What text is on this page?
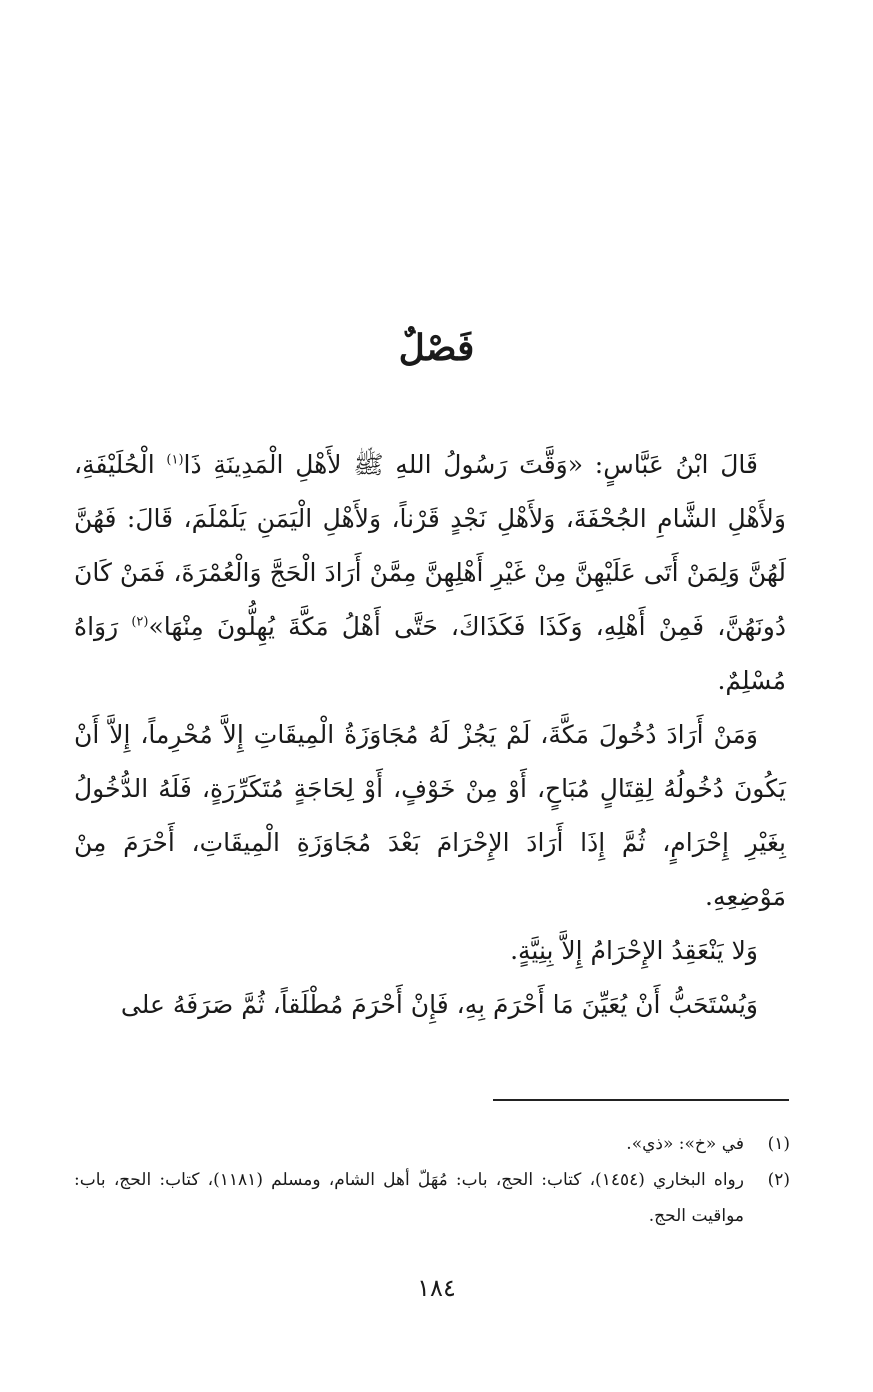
فَصْلٌ

قَالَ ابْنُ عَبَّاسٍ: «وَقَّتَ رَسُولُ اللهِ ﷺ لأَهْلِ الْمَدِينَةِ ذَا$^{(١)}$ الْحُلَيْفَةِ، وَلأَهْلِ الشَّامِ الجُحْفَةَ، وَلأَهْلِ نَجْدٍ قَرْناً، وَلأَهْلِ الْيَمَنِ يَلَمْلَمَ، قَالَ: فَهُنَّ لَهُنَّ وَلِمَنْ أَتَى عَلَيْهِنَّ مِنْ غَيْرِ أَهْلِهِنَّ مِمَّنْ أَرَادَ الْحَجَّ وَالْعُمْرَةَ، فَمَنْ كَانَ دُونَهُنَّ، فَمِنْ أَهْلِهِ، وَكَذَا فَكَذَاكَ، حَتَّى أَهْلُ مَكَّةَ يُهِلُّونَ مِنْهَا»$^{(٢)}$ رَوَاهُ مُسْلِمٌ.

وَمَنْ أَرَادَ دُخُولَ مَكَّةَ، لَمْ يَجُزْ لَهُ مُجَاوَزَةُ الْمِيقَاتِ إِلاَّ مُحْرِماً، إِلاَّ أَنْ يَكُونَ دُخُولُهُ لِقِتَالٍ مُبَاحٍ، أَوْ مِنْ خَوْفٍ، أَوْ لِحَاجَةٍ مُتَكَرِّرَةٍ، فَلَهُ الدُّخُولُ بِغَيْرِ إِحْرَامٍ، ثُمَّ إِذَا أَرَادَ الإِحْرَامَ بَعْدَ مُجَاوَزَةِ الْمِيقَاتِ، أَحْرَمَ مِنْ مَوْضِعِهِ.

وَلا يَنْعَقِدُ الإِحْرَامُ إِلاَّ بِنِيَّةٍ.

وَيُسْتَحَبُّ أَنْ يُعَيِّنَ مَا أَحْرَمَ بِهِ، فَإِنْ أَحْرَمَ مُطْلَقاً، ثُمَّ صَرَفَهُ على

(١)
في «خ»: «ذي».
(٢)
رواه البخاري (١٤٥٤)، كتاب: الحج، باب: مُهَلّ أهل الشام، ومسلم (١١٨١)، كتاب: الحج، باب: مواقيت الحج.
١٨٤
